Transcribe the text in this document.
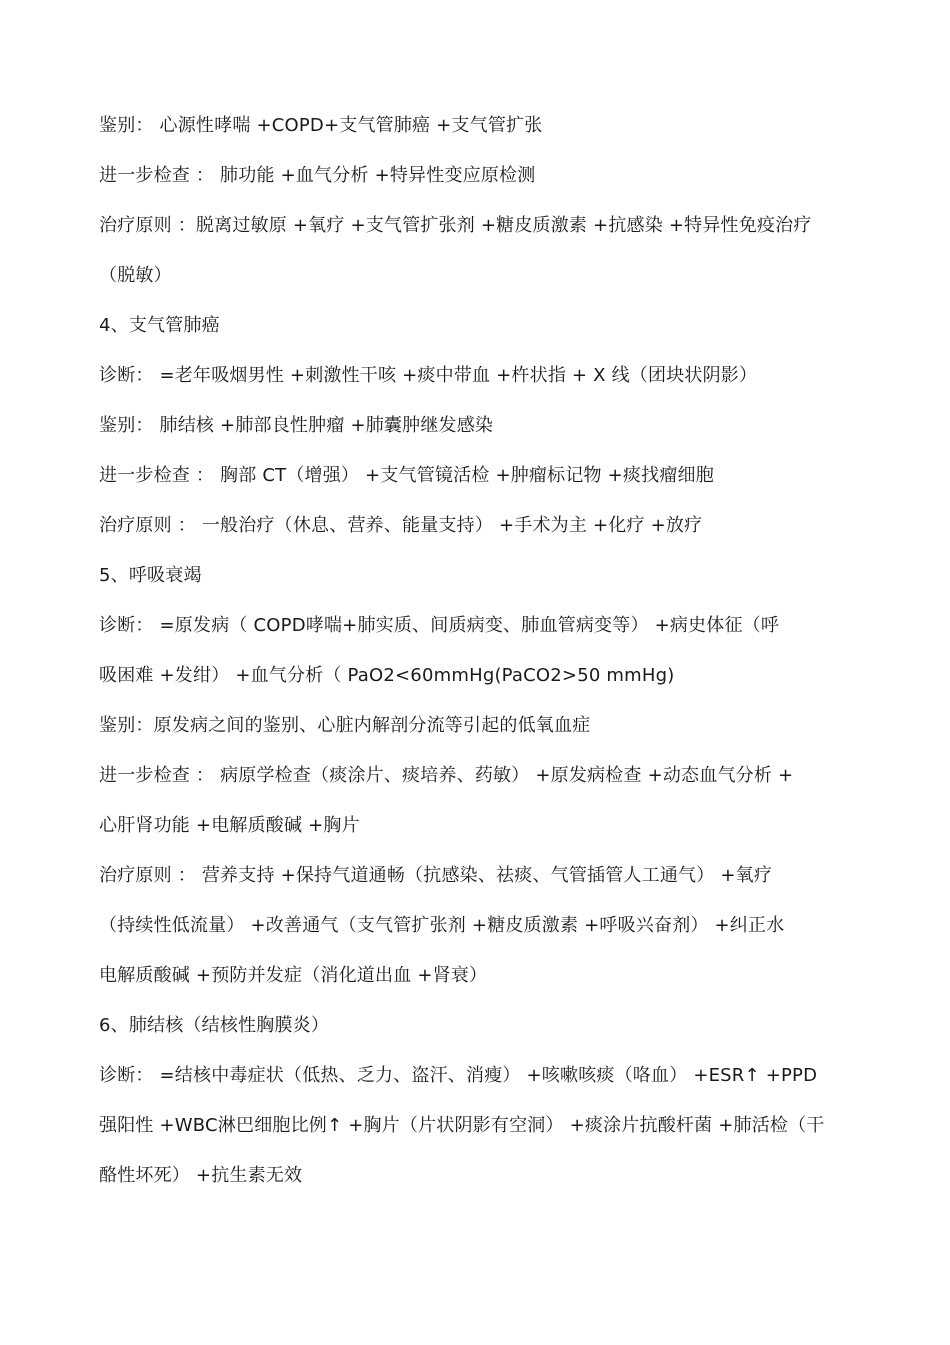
鉴别： 心源性哮喘 +COPD+支气管肺癌 +支气管扩张
进一步检查 ： 肺功能 +血气分析 +特异性变应原检测
治疗原则 ：脱离过敏原 +氧疗 +支气管扩张剂 +糖皮质激素 +抗感染 +特异性免疫治疗
（脱敏）
4、支气管肺癌
诊断： =老年吸烟男性 +刺激性干咳 +痰中带血 +杵状指 + X 线（团块状阴影）
鉴别： 肺结核 +肺部良性肿瘤 +肺囊肿继发感染
进一步检查 ： 胸部 CT（增强） +支气管镜活检 +肿瘤标记物 +痰找瘤细胞
治疗原则 ： 一般治疗（休息、营养、能量支持） +手术为主 +化疗 +放疗
5、呼吸衰竭
诊断： =原发病（ COPD哮喘+肺实质、间质病变、肺血管病变等） +病史体征（呼
吸困难 +发绀） +血气分析（ PaO2<60mmHg(PaCO2>50 mmHg)
鉴别：原发病之间的鉴别、心脏内解剖分流等引起的低氧血症
进一步检查 ： 病原学检查（痰涂片、痰培养、药敏） +原发病检查 +动态血气分析 +
心肝肾功能 +电解质酸碱 +胸片
治疗原则 ： 营养支持 +保持气道通畅（抗感染、祛痰、气管插管人工通气） +氧疗
（持续性低流量） +改善通气（支气管扩张剂 +糖皮质激素 +呼吸兴奋剂） +纠正水
电解质酸碱 +预防并发症（消化道出血 +肾衰）
6、肺结核（结核性胸膜炎）
诊断： =结核中毒症状（低热、乏力、盗汗、消瘦） +咳嗽咳痰（咯血） +ESR↑ +PPD
强阳性 +WBC淋巴细胞比例↑ +胸片（片状阴影有空洞） +痰涂片抗酸杆菌 +肺活检（干
酪性坏死） +抗生素无效
